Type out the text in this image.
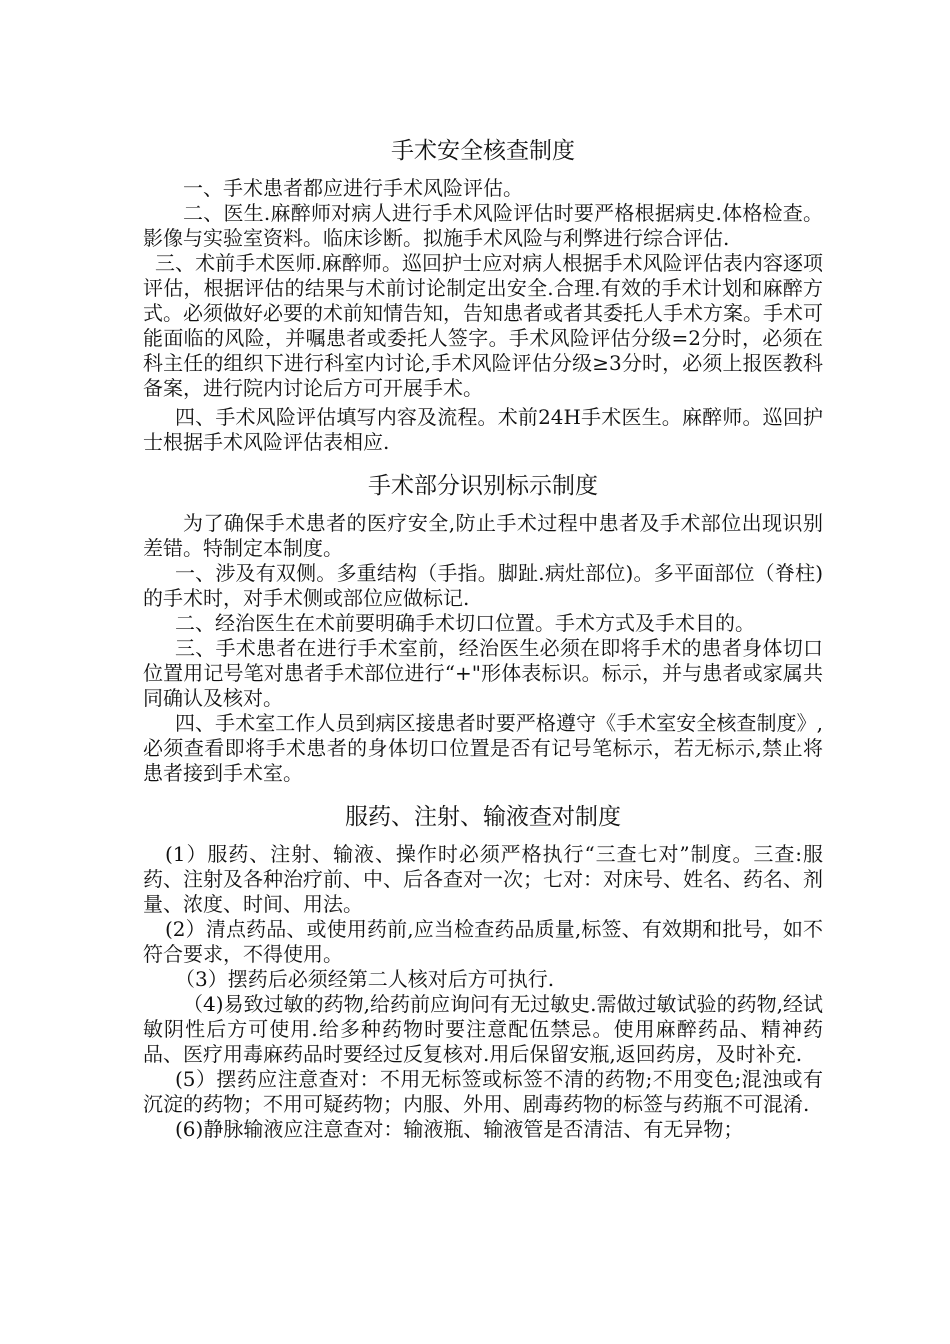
手术安全核查制度

一、手术患者都应进行手术风险评估。

二、医生.麻醉师对病人进行手术风险评估时要严格根据病史.体格检查。影像与实验室资料。临床诊断。拟施手术风险与利弊进行综合评估.

三、术前手术医师.麻醉师。巡回护士应对病人根据手术风险评估表内容逐项评估，根据评估的结果与术前讨论制定出安全.合理.有效的手术计划和麻醉方式。必须做好必要的术前知情告知，告知患者或者其委托人手术方案。手术可能面临的风险，并嘱患者或委托人签字。手术风险评估分级=2分时，必须在科主任的组织下进行科室内讨论,手术风险评估分级≥3分时，必须上报医教科备案，进行院内讨论后方可开展手术。

四、手术风险评估填写内容及流程。术前24H手术医生。麻醉师。巡回护士根据手术风险评估表相应.

手术部分识别标示制度

为了确保手术患者的医疗安全,防止手术过程中患者及手术部位出现识别差错。特制定本制度。

一、涉及有双侧。多重结构（手指。脚趾.病灶部位)。多平面部位（脊柱)的手术时，对手术侧或部位应做标记.

二、经治医生在术前要明确手术切口位置。手术方式及手术目的。

三、手术患者在进行手术室前，经治医生必须在即将手术的患者身体切口位置用记号笔对患者手术部位进行“+"形体表标识。标示，并与患者或家属共同确认及核对。

四、手术室工作人员到病区接患者时要严格遵守《手术室安全核查制度》,必须查看即将手术患者的身体切口位置是否有记号笔标示，若无标示,禁止将患者接到手术室。

服药、注射、输液查对制度

(1）服药、注射、输液、操作时必须严格执行“三查七对”制度。三查:服药、注射及各种治疗前、中、后各查对一次；七对：对床号、姓名、药名、剂量、浓度、时间、用法。

(2）清点药品、或使用药前,应当检查药品质量,标签、有效期和批号，如不符合要求，不得使用。

（3）摆药后必须经第二人核对后方可执行.

（4)易致过敏的药物,给药前应询问有无过敏史.需做过敏试验的药物,经试敏阴性后方可使用.给多种药物时要注意配伍禁忌。使用麻醉药品、精神药品、医疗用毒麻药品时要经过反复核对.用后保留安瓶,返回药房，及时补充.

(5）摆药应注意查对：不用无标签或标签不清的药物;不用变色;混浊或有沉淀的药物；不用可疑药物；内服、外用、剧毒药物的标签与药瓶不可混淆.

(6)静脉输液应注意查对：输液瓶、输液管是否清洁、有无异物；
